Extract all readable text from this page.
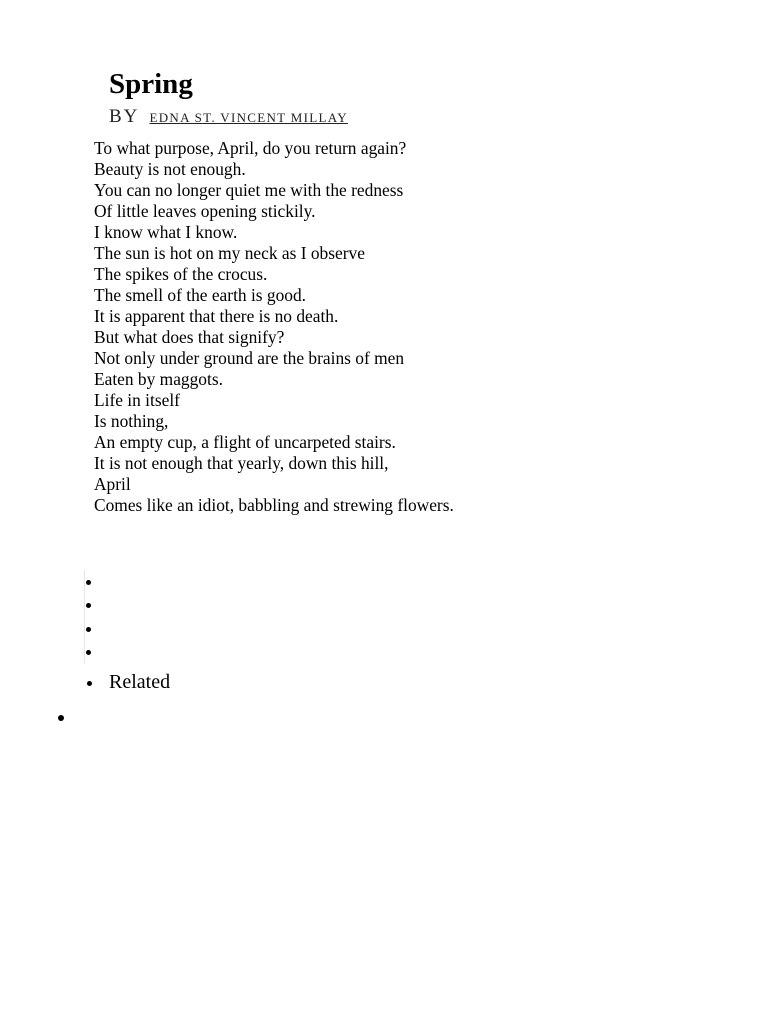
Spring
BY EDNA ST. VINCENT MILLAY
To what purpose, April, do you return again?
Beauty is not enough.
You can no longer quiet me with the redness
Of little leaves opening stickily.
I know what I know.
The sun is hot on my neck as I observe
The spikes of the crocus.
The smell of the earth is good.
It is apparent that there is no death.
But what does that signify?
Not only under ground are the brains of men
Eaten by maggots.
Life in itself
Is nothing,
An empty cup, a flight of uncarpeted stairs.
It is not enough that yearly, down this hill,
April
Comes like an idiot, babbling and strewing flowers.
Related
